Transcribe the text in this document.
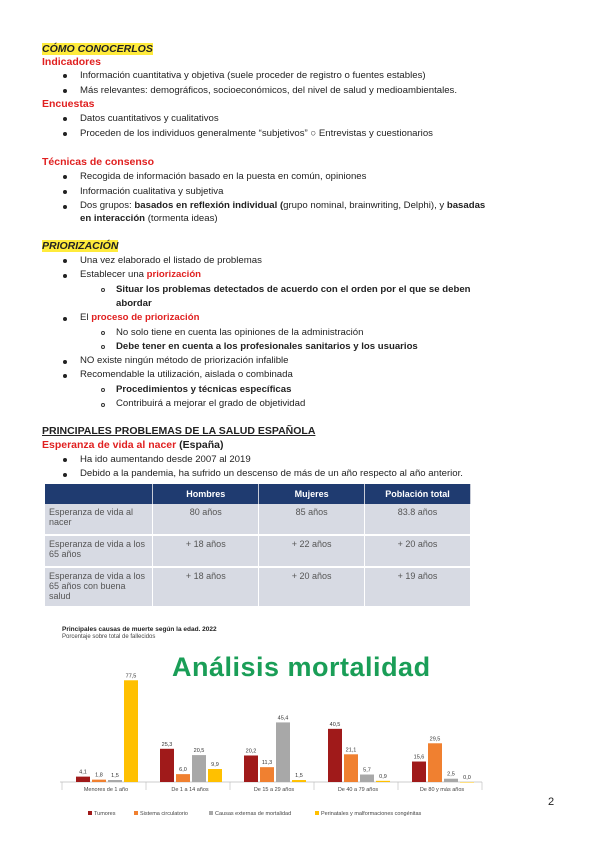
CÓMO CONOCERLOS
Indicadores
Información cuantitativa y objetiva (suele proceder de registro o fuentes estables)
Más relevantes: demográficos, socioeconómicos, del nivel de salud y medioambientales.
Encuestas
Datos cuantitativos y cualitativos
Proceden de los individuos generalmente “subjetivos” ○ Entrevistas y cuestionarios
Técnicas de consenso
Recogida de información basado en la puesta en común, opiniones
Información cualitativa y subjetiva
Dos grupos: basados en reflexión individual (grupo nominal, brainwriting, Delphi), y basadas
en interacción (tormenta ideas)
PRIORIZACIÓN
Una vez elaborado el listado de problemas
Establecer una priorización
Situar los problemas detectados de acuerdo con el orden por el que se deben
abordar
El proceso de priorización
No solo tiene en cuenta las opiniones de la administración
Debe tener en cuenta a los profesionales sanitarios y los usuarios
NO existe ningún método de priorización infalible
Recomendable la utilización, aislada o combinada
Procedimientos y técnicas específicas
Contribuirá a mejorar el grado de objetividad
PRINCIPALES PROBLEMAS DE LA SALUD ESPAÑOLA
Esperanza de vida al nacer (España)
Ha ido aumentando desde 2007 al 2019
Debido a la pandemia, ha sufrido un descenso de más de un año respecto al año anterior.
	Hombres	Mujeres	Población total
Esperanza de vida al nacer	80 años	85 años	83.8 años
Esperanza de vida a los 65 años	+ 18 años	+ 22 años	+ 20 años
Esperanza de vida a los 65 años con buena salud	+ 18 años	+ 20 años	+ 19 años
Principales causas de muerte según la edad. 2022
Porcentaje sobre total de fallecidos
Análisis mortalidad
4,1
1,8 1,5
77,5
Menores de 1 año
25,3
6,0
20,5
9,9
De 1 a 14 años
20,2
11,3
45,4
1,5
De 15 a 29 años
40,5
21,1
5,7
0,9
De 40 a 79 años
15,6
29,5
2,5
0,0
De 80 y más años
Tumores	Sistema circulatorio	Causas externas de mortalidad	Perinatales y malformaciones congénitas
2
